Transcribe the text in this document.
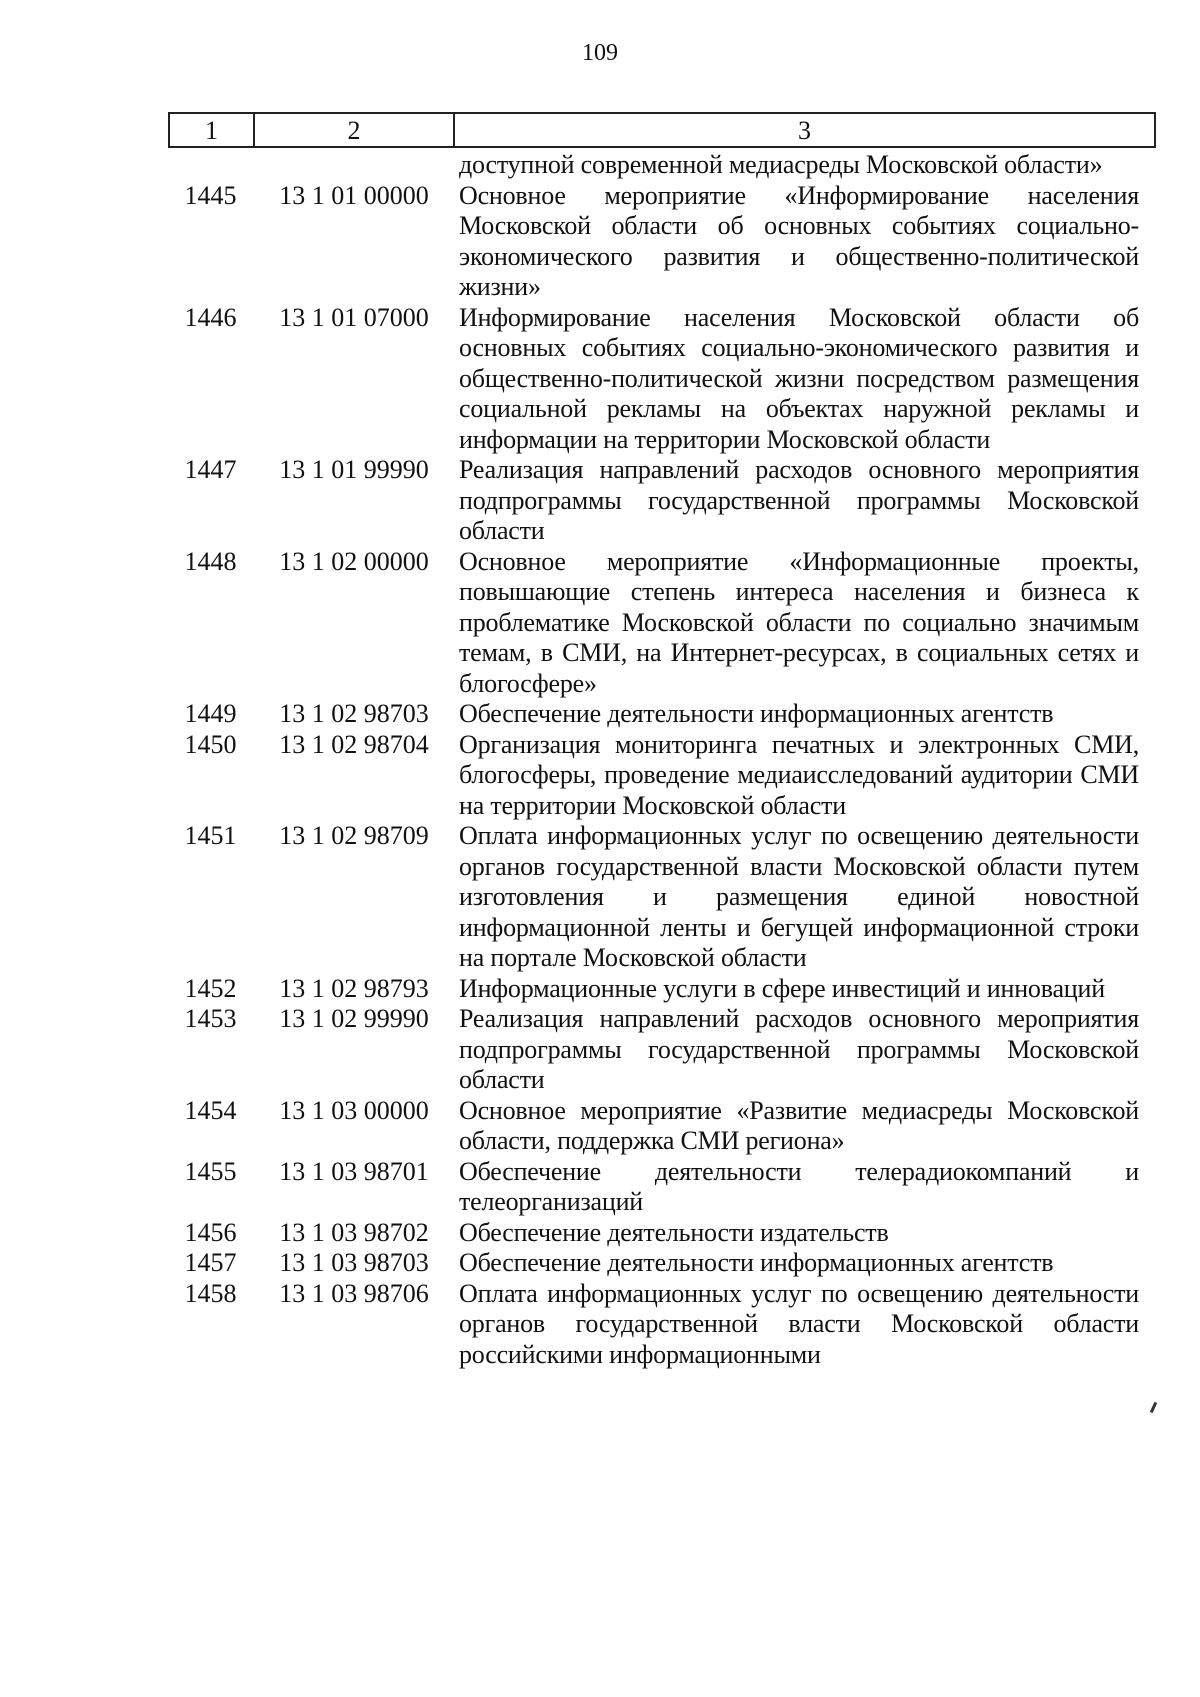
109
1	2	3
доступной современной медиасреды Московской области»
1445	13 1 01 00000	Основное мероприятие «Информирование населения Московской области об основных событиях социально-экономического развития и общественно-политической жизни»
1446	13 1 01 07000	Информирование населения Московской области об основных событиях социально-экономического развития и общественно-политической жизни посредством размещения социальной рекламы на объектах наружной рекламы и информации на территории Московской области
1447	13 1 01 99990	Реализация направлений расходов основного мероприятия подпрограммы государственной программы Московской области
1448	13 1 02 00000	Основное мероприятие «Информационные проекты, повышающие степень интереса населения и бизнеса к проблематике Московской области по социально значимым темам, в СМИ, на Интернет-ресурсах, в социальных сетях и блогосфере»
1449	13 1 02 98703	Обеспечение деятельности информационных агентств
1450	13 1 02 98704	Организация мониторинга печатных и электронных СМИ, блогосферы, проведение медиаисследований аудитории СМИ на территории Московской области
1451	13 1 02 98709	Оплата информационных услуг по освещению деятельности органов государственной власти Московской области путем изготовления и размещения единой новостной информационной ленты и бегущей информационной строки на портале Московской области
1452	13 1 02 98793	Информационные услуги в сфере инвестиций и инноваций
1453	13 1 02 99990	Реализация направлений расходов основного мероприятия подпрограммы государственной программы Московской области
1454	13 1 03 00000	Основное мероприятие «Развитие медиасреды Московской области, поддержка СМИ региона»
1455	13 1 03 98701	Обеспечение деятельности телерадиокомпаний и телеорганизаций
1456	13 1 03 98702	Обеспечение деятельности издательств
1457	13 1 03 98703	Обеспечение деятельности информационных агентств
1458	13 1 03 98706	Оплата информационных услуг по освещению деятельности органов государственной власти Московской области российскими информационными
